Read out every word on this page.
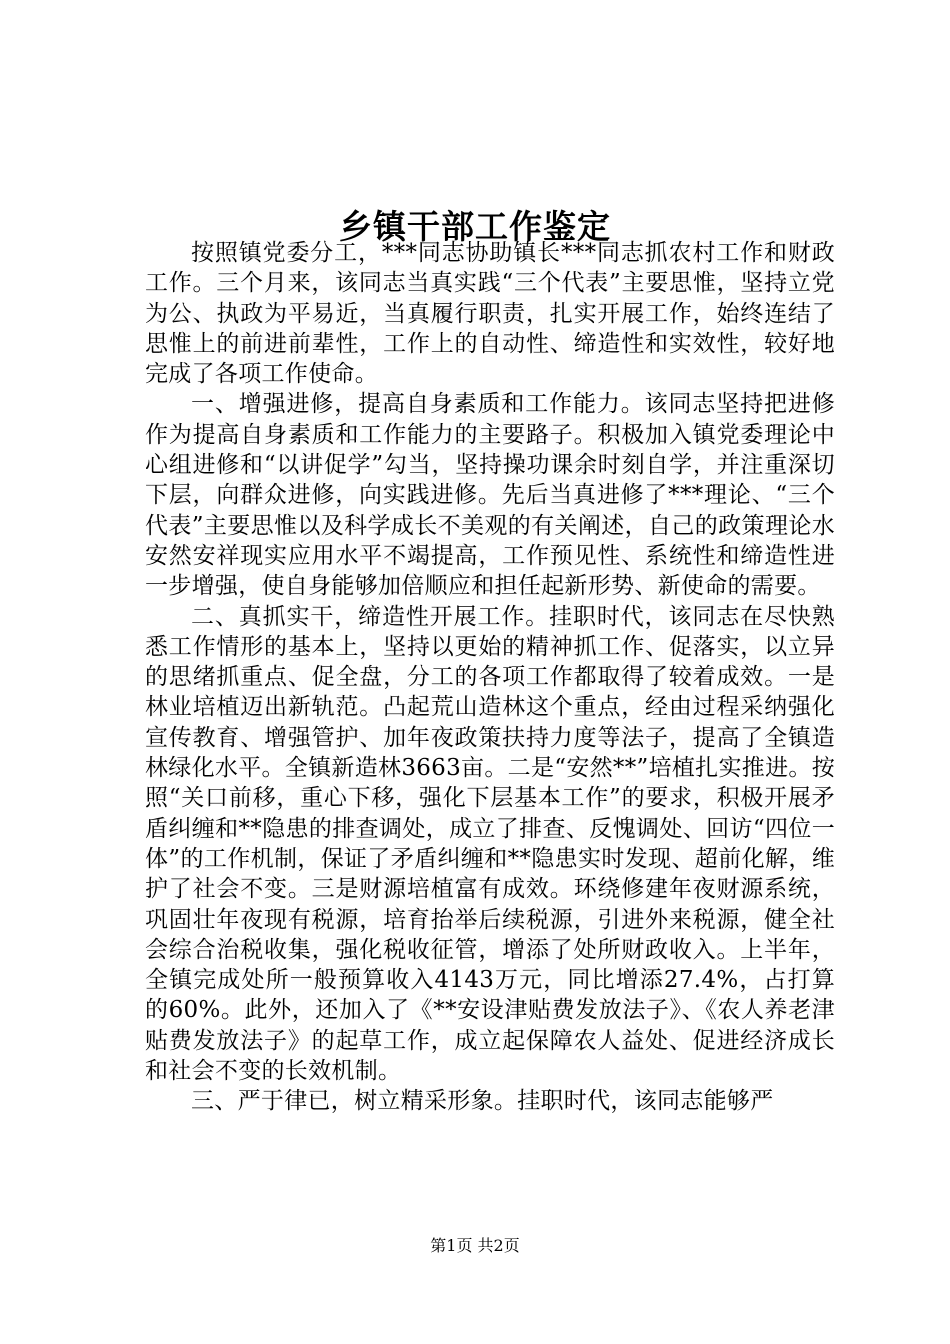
乡镇干部工作鉴定

按照镇党委分工，***同志协助镇长***同志抓农村工作和财政工作。三个月来，该同志当真实践“三个代表”主要思惟，坚持立党为公、执政为平易近，当真履行职责，扎实开展工作，始终连结了思惟上的前进前辈性，工作上的自动性、缔造性和实效性，较好地完成了各项工作使命。

一、增强进修，提高自身素质和工作能力。该同志坚持把进修作为提高自身素质和工作能力的主要路子。积极加入镇党委理论中心组进修和“以讲促学”勾当，坚持操功课余时刻自学，并注重深切下层，向群众进修，向实践进修。先后当真进修了***理论、“三个代表”主要思惟以及科学成长不美观的有关阐述，自己的政策理论水安然安祥现实应用水平不竭提高，工作预见性、系统性和缔造性进一步增强，使自身能够加倍顺应和担任起新形势、新使命的需要。

二、真抓实干，缔造性开展工作。挂职时代，该同志在尽快熟悉工作情形的基本上，坚持以更始的精神抓工作、促落实，以立异的思绪抓重点、促全盘，分工的各项工作都取得了较着成效。一是林业培植迈出新轨范。凸起荒山造林这个重点，经由过程采纳强化宣传教育、增强管护、加年夜政策扶持力度等法子，提高了全镇造林绿化水平。全镇新造林3663亩。二是“安然**”培植扎实推进。按照“关口前移，重心下移，强化下层基本工作”的要求，积极开展矛盾纠缠和**隐患的排查调处，成立了排查、反愧调处、回访“四位一体”的工作机制，保证了矛盾纠缠和**隐患实时发现、超前化解，维护了社会不变。三是财源培植富有成效。环绕修建年夜财源系统，巩固壮年夜现有税源，培育抬举后续税源，引进外来税源，健全社会综合治税收集，强化税收征管，增添了处所财政收入。上半年，全镇完成处所一般预算收入4143万元，同比增添27.4%，占打算的60%。此外，还加入了《**安设津贴费发放法子》、《农人养老津贴费发放法子》的起草工作，成立起保障农人益处、促进经济成长和社会不变的长效机制。

三、严于律已，树立精采形象。挂职时代，该同志能够严

第1页 共2页
